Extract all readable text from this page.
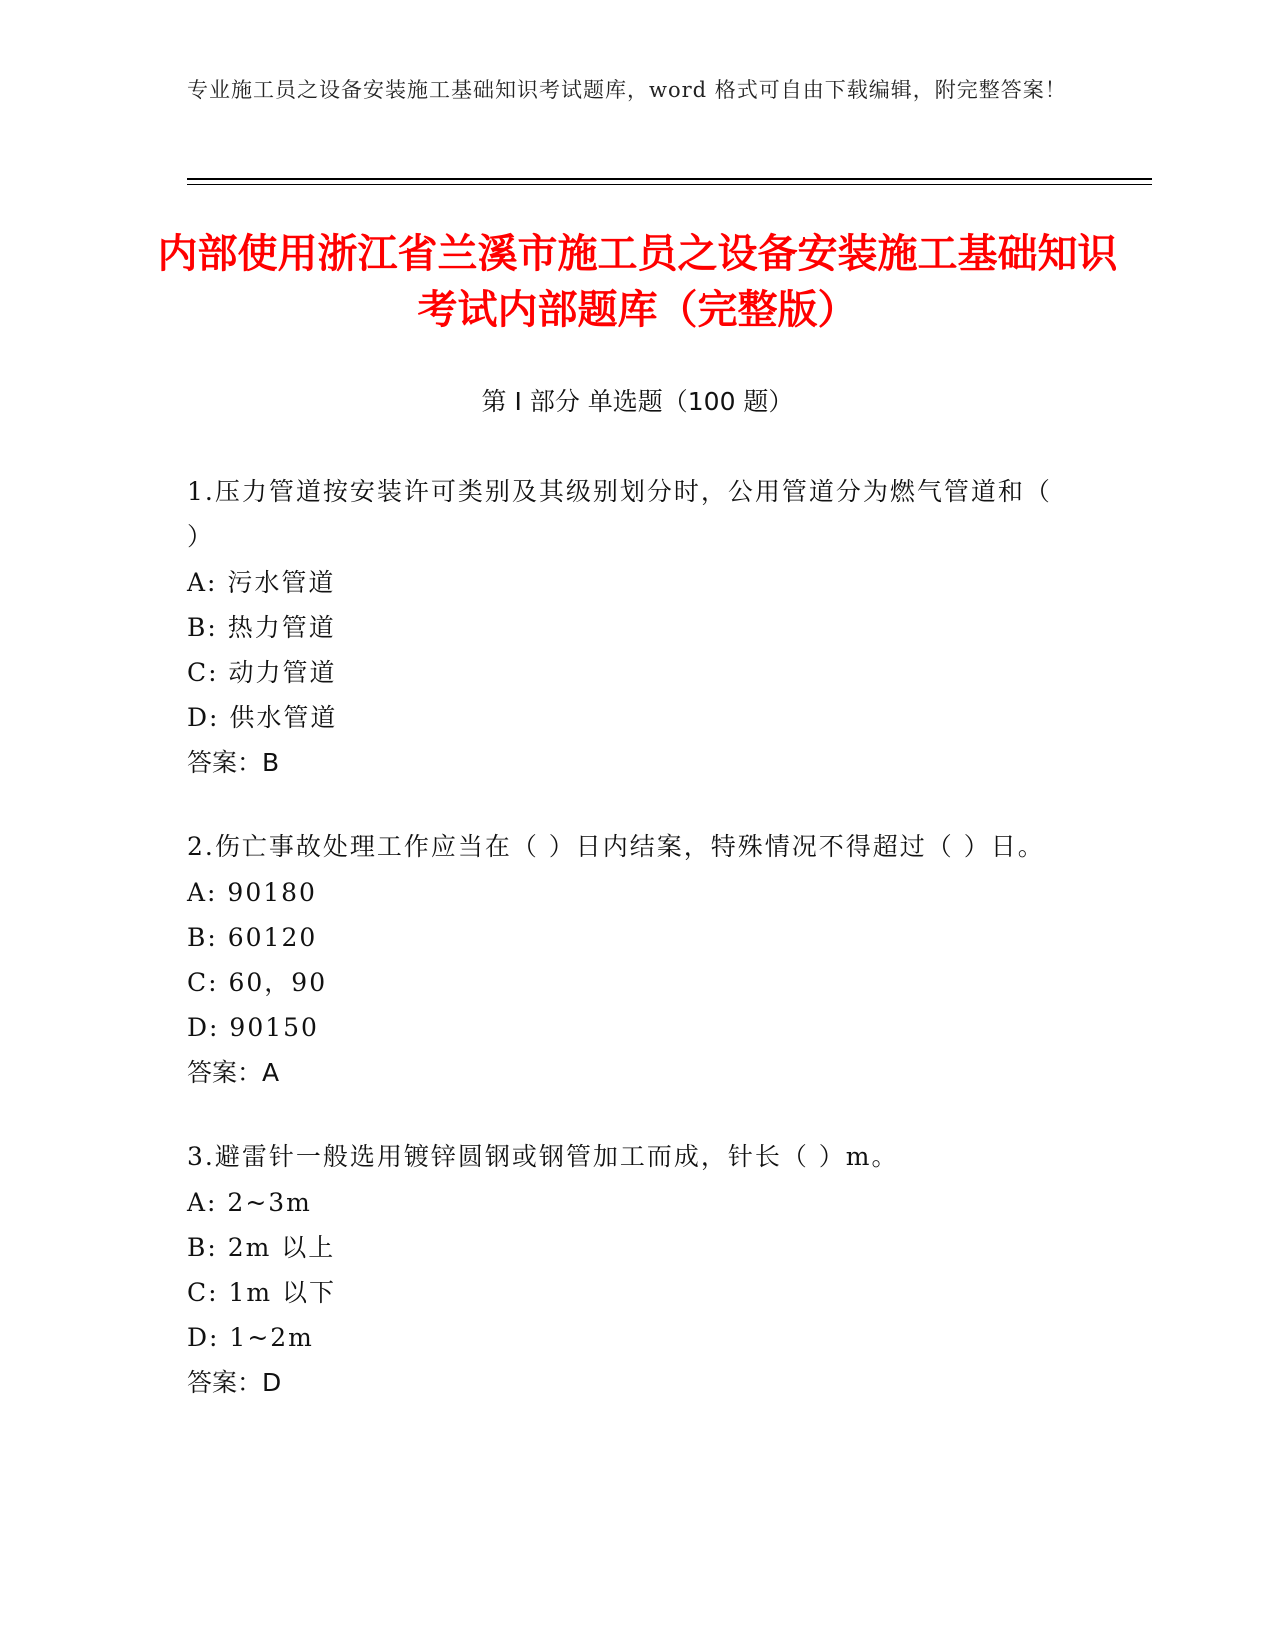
专业施工员之设备安装施工基础知识考试题库，word 格式可自由下载编辑，附完整答案！
内部使用浙江省兰溪市施工员之设备安装施工基础知识考试内部题库（完整版）
第 I 部分 单选题（100 题）

1.压力管道按安装许可类别及其级别划分时，公用管道分为燃气管道和（ ）

A: 污水管道

B: 热力管道

C: 动力管道

D: 供水管道

答案：B

2.伤亡事故处理工作应当在（ ）日内结案，特殊情况不得超过（ ）日。

A: 90180

B: 60120

C: 60，90

D: 90150

答案：A

3.避雷针一般选用镀锌圆钢或钢管加工而成，针长（ ）m。

A: 2~3m

B: 2m 以上

C: 1m 以下

D: 1~2m

答案：D
